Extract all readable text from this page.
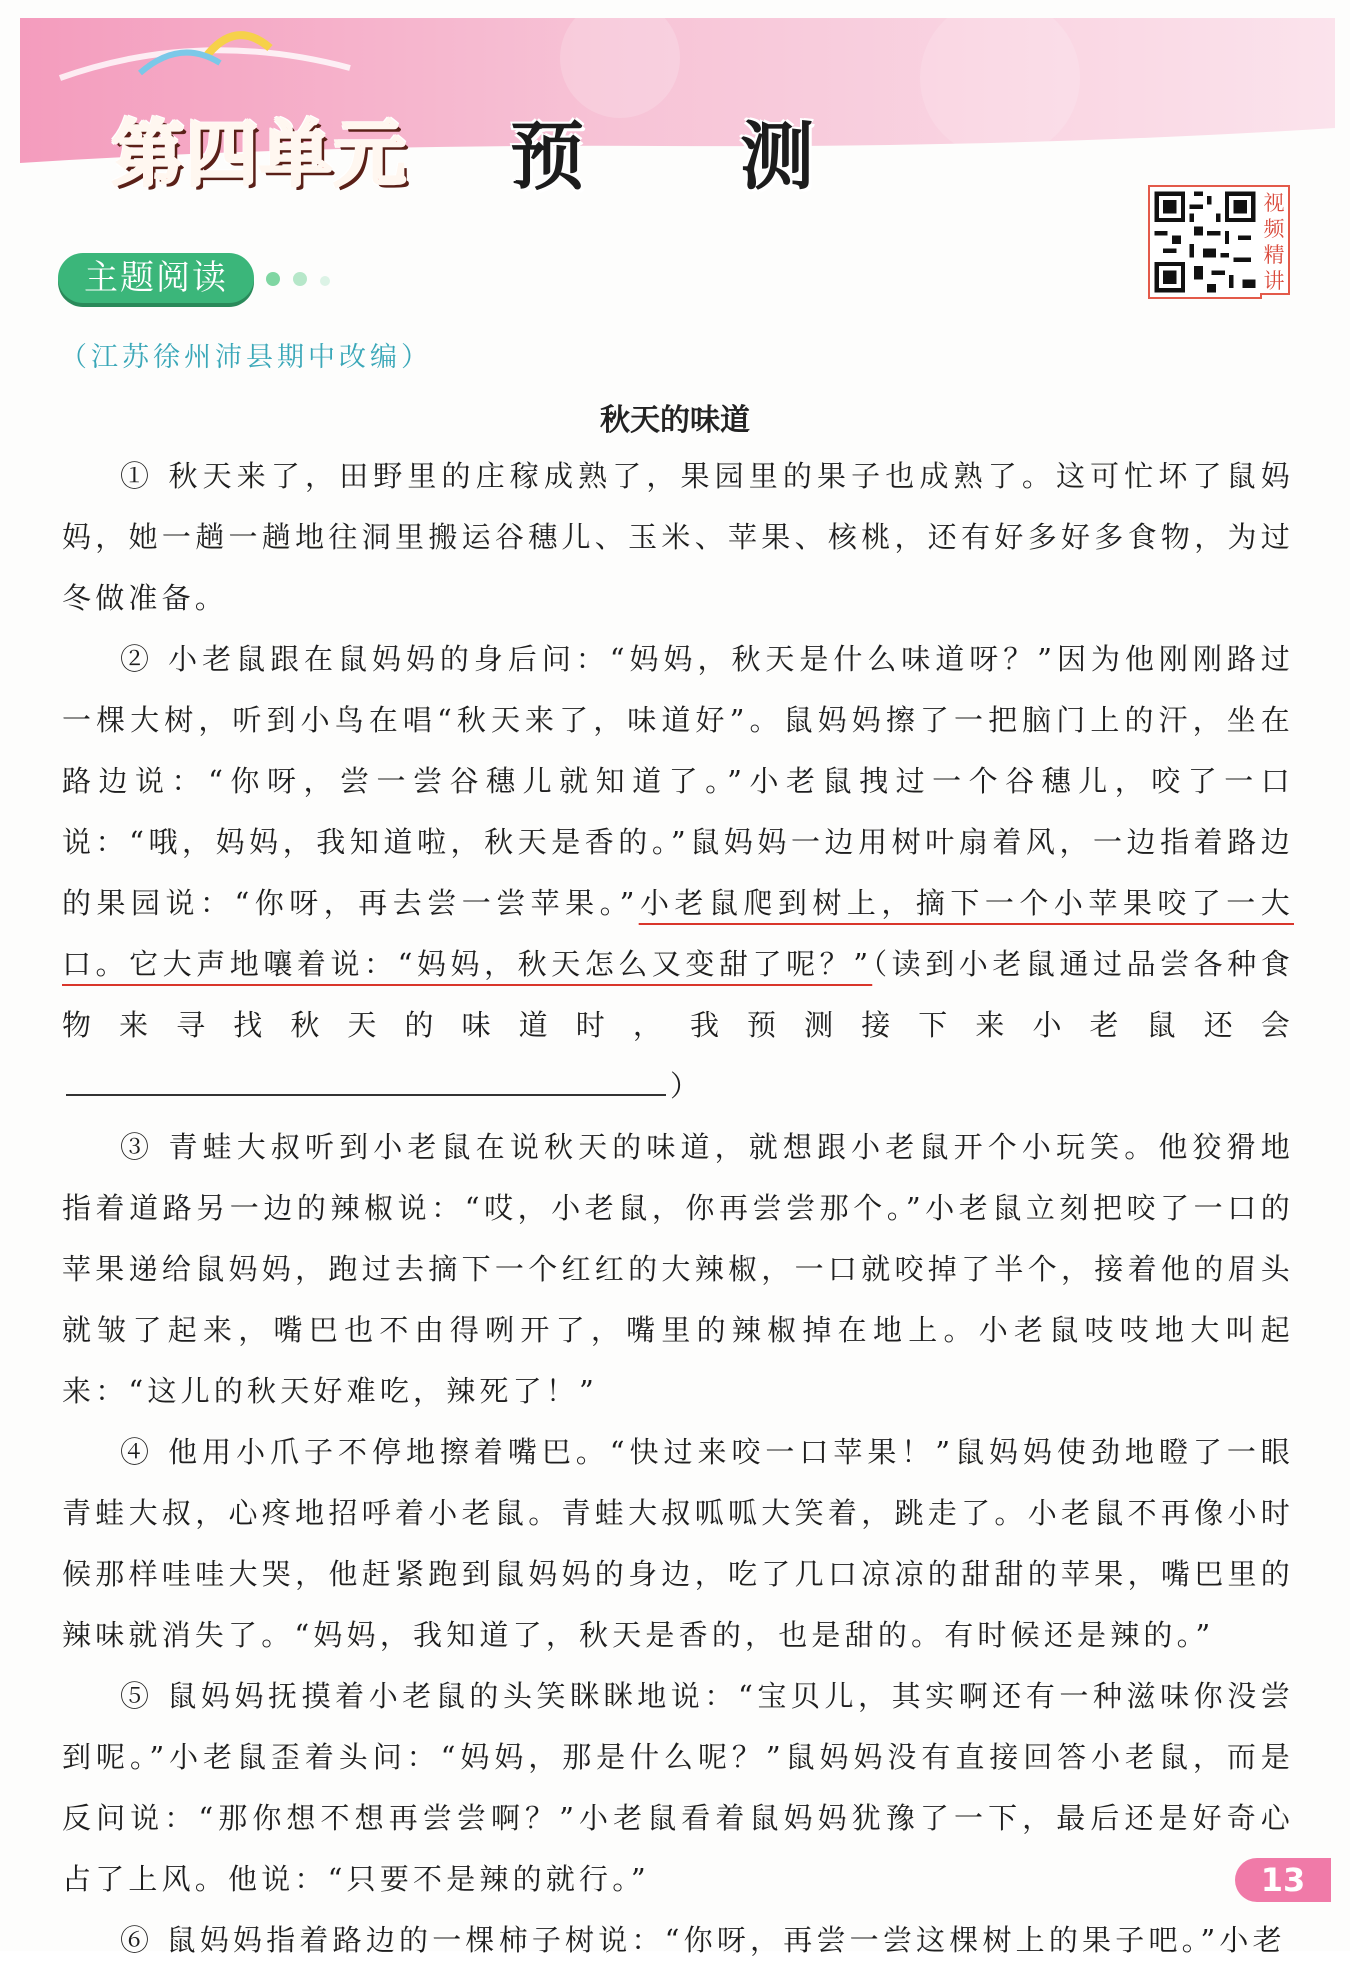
第四单元 预 测
视频精讲
主题阅读

（江苏徐州沛县期中改编）
秋天的味道

① 秋天来了，田野里的庄稼成熟了，果园里的果子也成熟了。这可忙坏了鼠妈妈，她一趟一趟地往洞里搬运谷穗儿、玉米、苹果、核桃，还有好多好多食物，为过冬做准备。

② 小老鼠跟在鼠妈妈的身后问：“妈妈，秋天是什么味道呀？”因为他刚刚路过一棵大树，听到小鸟在唱“秋天来了，味道好”。鼠妈妈擦了一把脑门上的汗，坐在路边说：“你呀，尝一尝谷穗儿就知道了。”小老鼠拽过一个谷穗儿，咬了一口说：“哦，妈妈，我知道啦，秋天是香的。”鼠妈妈一边用树叶扇着风，一边指着路边的果园说：“你呀，再去尝一尝苹果。”小老鼠爬到树上，摘下一个小苹果咬了一大口。它大声地嚷着说：“妈妈，秋天怎么又变甜了呢？”（读到小老鼠通过品尝各种食物来寻找秋天的味道时，我预测接下来小老鼠还会）

③ 青蛙大叔听到小老鼠在说秋天的味道，就想跟小老鼠开个小玩笑。他狡猾地指着道路另一边的辣椒说：“哎，小老鼠，你再尝尝那个。”小老鼠立刻把咬了一口的苹果递给鼠妈妈，跑过去摘下一个红红的大辣椒，一口就咬掉了半个，接着他的眉头就皱了起来，嘴巴也不由得咧开了，嘴里的辣椒掉在地上。小老鼠吱吱地大叫起来：“这儿的秋天好难吃，辣死了！”

④ 他用小爪子不停地擦着嘴巴。“快过来咬一口苹果！”鼠妈妈使劲地瞪了一眼青蛙大叔，心疼地招呼着小老鼠。青蛙大叔呱呱大笑着，跳走了。小老鼠不再像小时候那样哇哇大哭，他赶紧跑到鼠妈妈的身边，吃了几口凉凉的甜甜的苹果，嘴巴里的辣味就消失了。“妈妈，我知道了，秋天是香的，也是甜的。有时候还是辣的。”

⑤ 鼠妈妈抚摸着小老鼠的头笑眯眯地说：“宝贝儿，其实啊还有一种滋味你没尝到呢。”小老鼠歪着头问：“妈妈，那是什么呢？”鼠妈妈没有直接回答小老鼠，而是反问说：“那你想不想再尝尝啊？”小老鼠看着鼠妈妈犹豫了一下，最后还是好奇心占了上风。他说：“只要不是辣的就行。”

⑥ 鼠妈妈指着路边的一棵柿子树说：“你呀，再尝一尝这棵树上的果子吧。”小老

13
